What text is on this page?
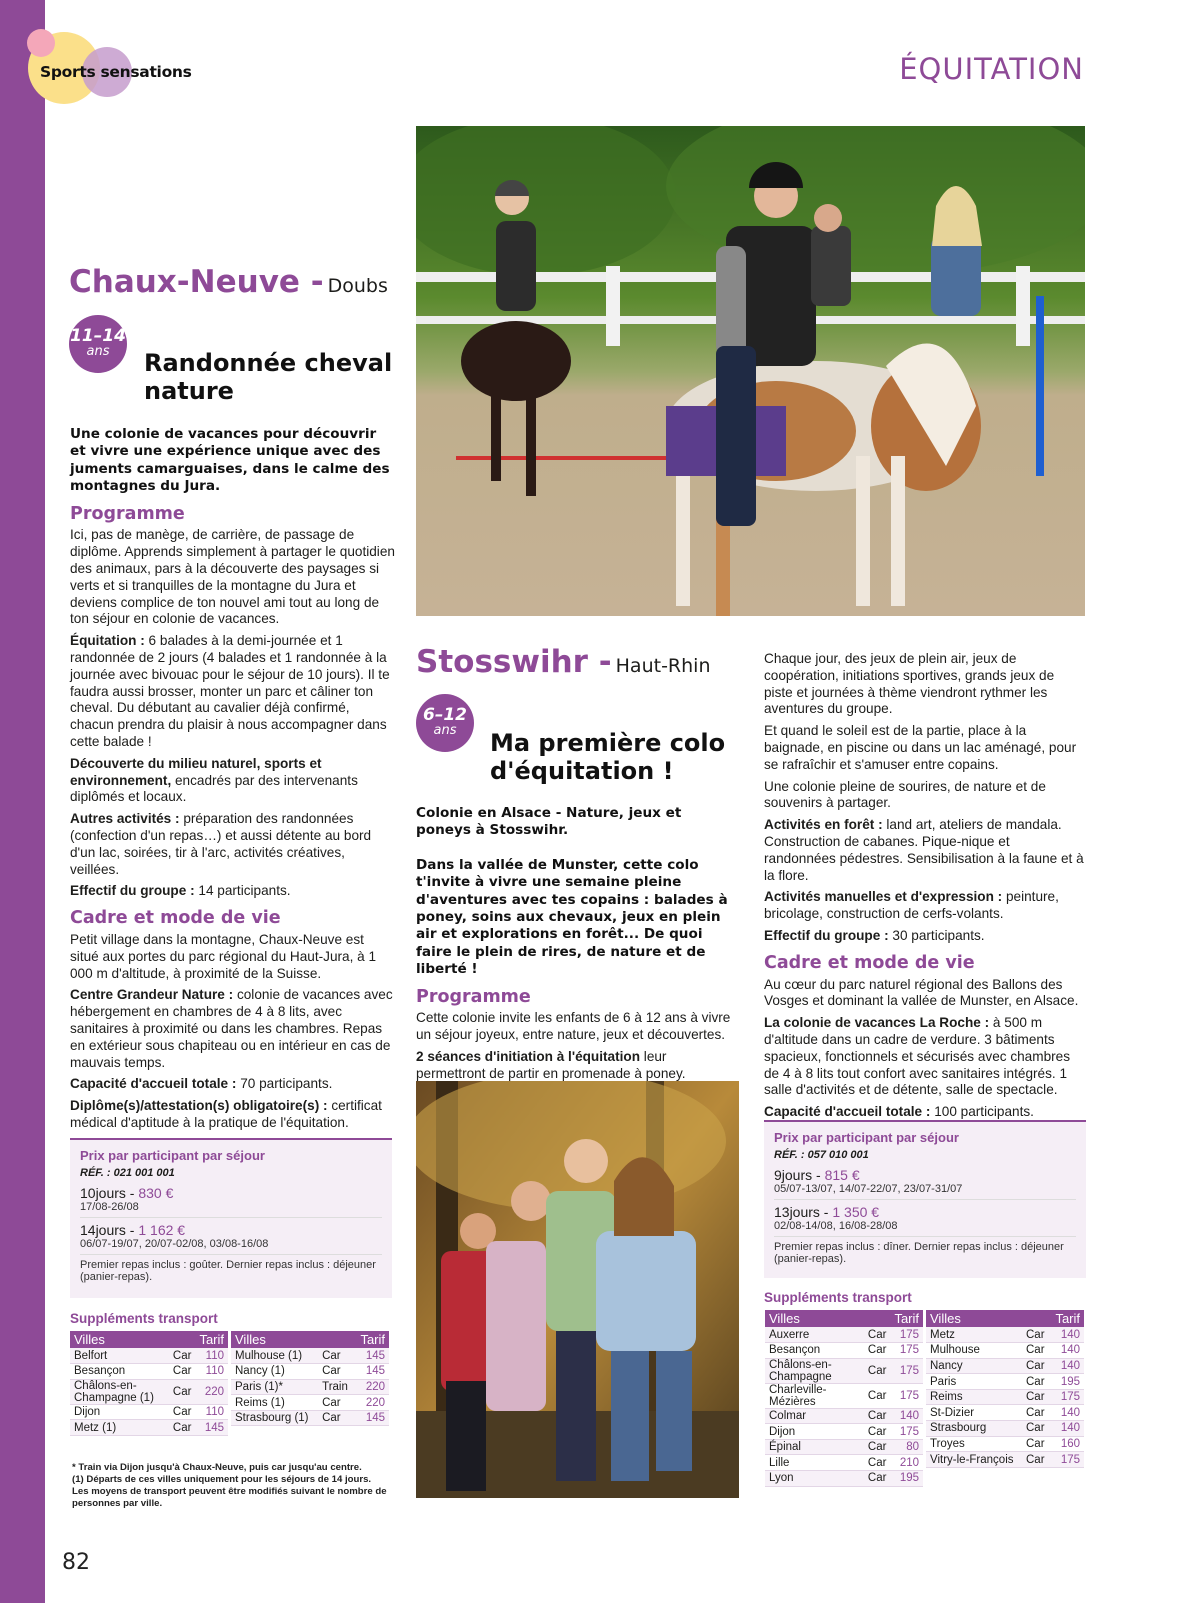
Sports sensations	ÉQUITATION
Chaux-Neuve - Doubs
11–14
ans	Randonnée cheval nature

Une colonie de vacances pour découvrir et vivre une expérience unique avec des juments camarguaises, dans le calme des montagnes du Jura.

Programme

Ici, pas de manège, de carrière, de passage de diplôme. Apprends simplement à partager le quotidien des animaux, pars à la découverte des paysages si verts et si tranquilles de la montagne du Jura et deviens complice de ton nouvel ami tout au long de ton séjour en colonie de vacances.

Équitation : 6 balades à la demi-journée et 1 randonnée de 2 jours (4 balades et 1 randonnée à la journée avec bivouac pour le séjour de 10 jours). Il te faudra aussi brosser, monter un parc et câliner ton cheval. Du débutant au cavalier déjà confirmé, chacun prendra du plaisir à nous accompagner dans cette balade !

Découverte du milieu naturel, sports et environnement, encadrés par des intervenants diplômés et locaux.

Autres activités : préparation des randonnées (confection d'un repas…) et aussi détente au bord d'un lac, soirées, tir à l'arc, activités créatives, veillées.

Effectif du groupe : 14 participants.

Cadre et mode de vie

Petit village dans la montagne, Chaux-Neuve est situé aux portes du parc régional du Haut-Jura, à 1 000 m d'altitude, à proximité de la Suisse.

Centre Grandeur Nature : colonie de vacances avec hébergement en chambres de 4 à 8 lits, avec sanitaires à proximité ou dans les chambres. Repas en extérieur sous chapiteau ou en intérieur en cas de mauvais temps.

Capacité d'accueil totale : 70 participants.

Diplôme(s)/attestation(s) obligatoire(s) : certificat médical d'aptitude à la pratique de l'équitation.

Prix par participant par séjour
RÉF. : 021 001 001
10jours - 830 €
17/08-26/08
14jours - 1 162 €
06/07-19/07, 20/07-02/08, 03/08-16/08
Premier repas inclus : goûter. Dernier repas inclus : déjeuner (panier-repas).
Suppléments transport
Villes		Tarif
Belfort	Car	110
Besançon	Car	110
Châlons-en-Champagne (1)	Car	220
Dijon	Car	110
Metz (1)	Car	145
Villes		Tarif
Mulhouse (1)	Car	145
Nancy (1)	Car	145
Paris (1)*	Train	220
Reims (1)	Car	220
Strasbourg (1)	Car	145
* Train via Dijon jusqu'à Chaux-Neuve, puis car jusqu'au centre.
(1) Départs de ces villes uniquement pour les séjours de 14 jours.
Les moyens de transport peuvent être modifiés suivant le nombre de personnes par ville.
Stosswihr - Haut-Rhin
6–12
ans	Ma première colo d'équitation !

Colonie en Alsace - Nature, jeux et poneys à Stosswihr.

Dans la vallée de Munster, cette colo t'invite à vivre une semaine pleine d'aventures avec tes copains : balades à poney, soins aux chevaux, jeux en plein air et explorations en forêt... De quoi faire le plein de rires, de nature et de liberté !

Programme

Cette colonie invite les enfants de 6 à 12 ans à vivre un séjour joyeux, entre nature, jeux et découvertes.

2 séances d'initiation à l'équitation leur permettront de partir en promenade à poney.

Chaque jour, des jeux de plein air, jeux de coopération, initiations sportives, grands jeux de piste et journées à thème viendront rythmer les aventures du groupe.

Et quand le soleil est de la partie, place à la baignade, en piscine ou dans un lac aménagé, pour se rafraîchir et s'amuser entre copains.

Une colonie pleine de sourires, de nature et de souvenirs à partager.

Activités en forêt : land art, ateliers de mandala. Construction de cabanes. Pique-nique et randonnées pédestres. Sensibilisation à la faune et à la flore.

Activités manuelles et d'expression : peinture, bricolage, construction de cerfs-volants.

Effectif du groupe : 30 participants.

Cadre et mode de vie

Au cœur du parc naturel régional des Ballons des Vosges et dominant la vallée de Munster, en Alsace.

La colonie de vacances La Roche : à 500 m d'altitude dans un cadre de verdure. 3 bâtiments spacieux, fonctionnels et sécurisés avec chambres de 4 à 8 lits tout confort avec sanitaires intégrés. 1 salle d'activités et de détente, salle de spectacle.

Capacité d'accueil totale : 100 participants.

Prix par participant par séjour
RÉF. : 057 010 001
9jours - 815 €
05/07-13/07, 14/07-22/07, 23/07-31/07
13jours - 1 350 €
02/08-14/08, 16/08-28/08
Premier repas inclus : dîner. Dernier repas inclus : déjeuner (panier-repas).
Suppléments transport
Villes		Tarif
Auxerre	Car	175
Besançon	Car	175
Châlons-en-Champagne	Car	175
Charleville-Mézières	Car	175
Colmar	Car	140
Dijon	Car	175
Épinal	Car	80
Lille	Car	210
Lyon	Car	195
Villes		Tarif
Metz	Car	140
Mulhouse	Car	140
Nancy	Car	140
Paris	Car	195
Reims	Car	175
St-Dizier	Car	140
Strasbourg	Car	140
Troyes	Car	160
Vitry-le-François	Car	175
82
